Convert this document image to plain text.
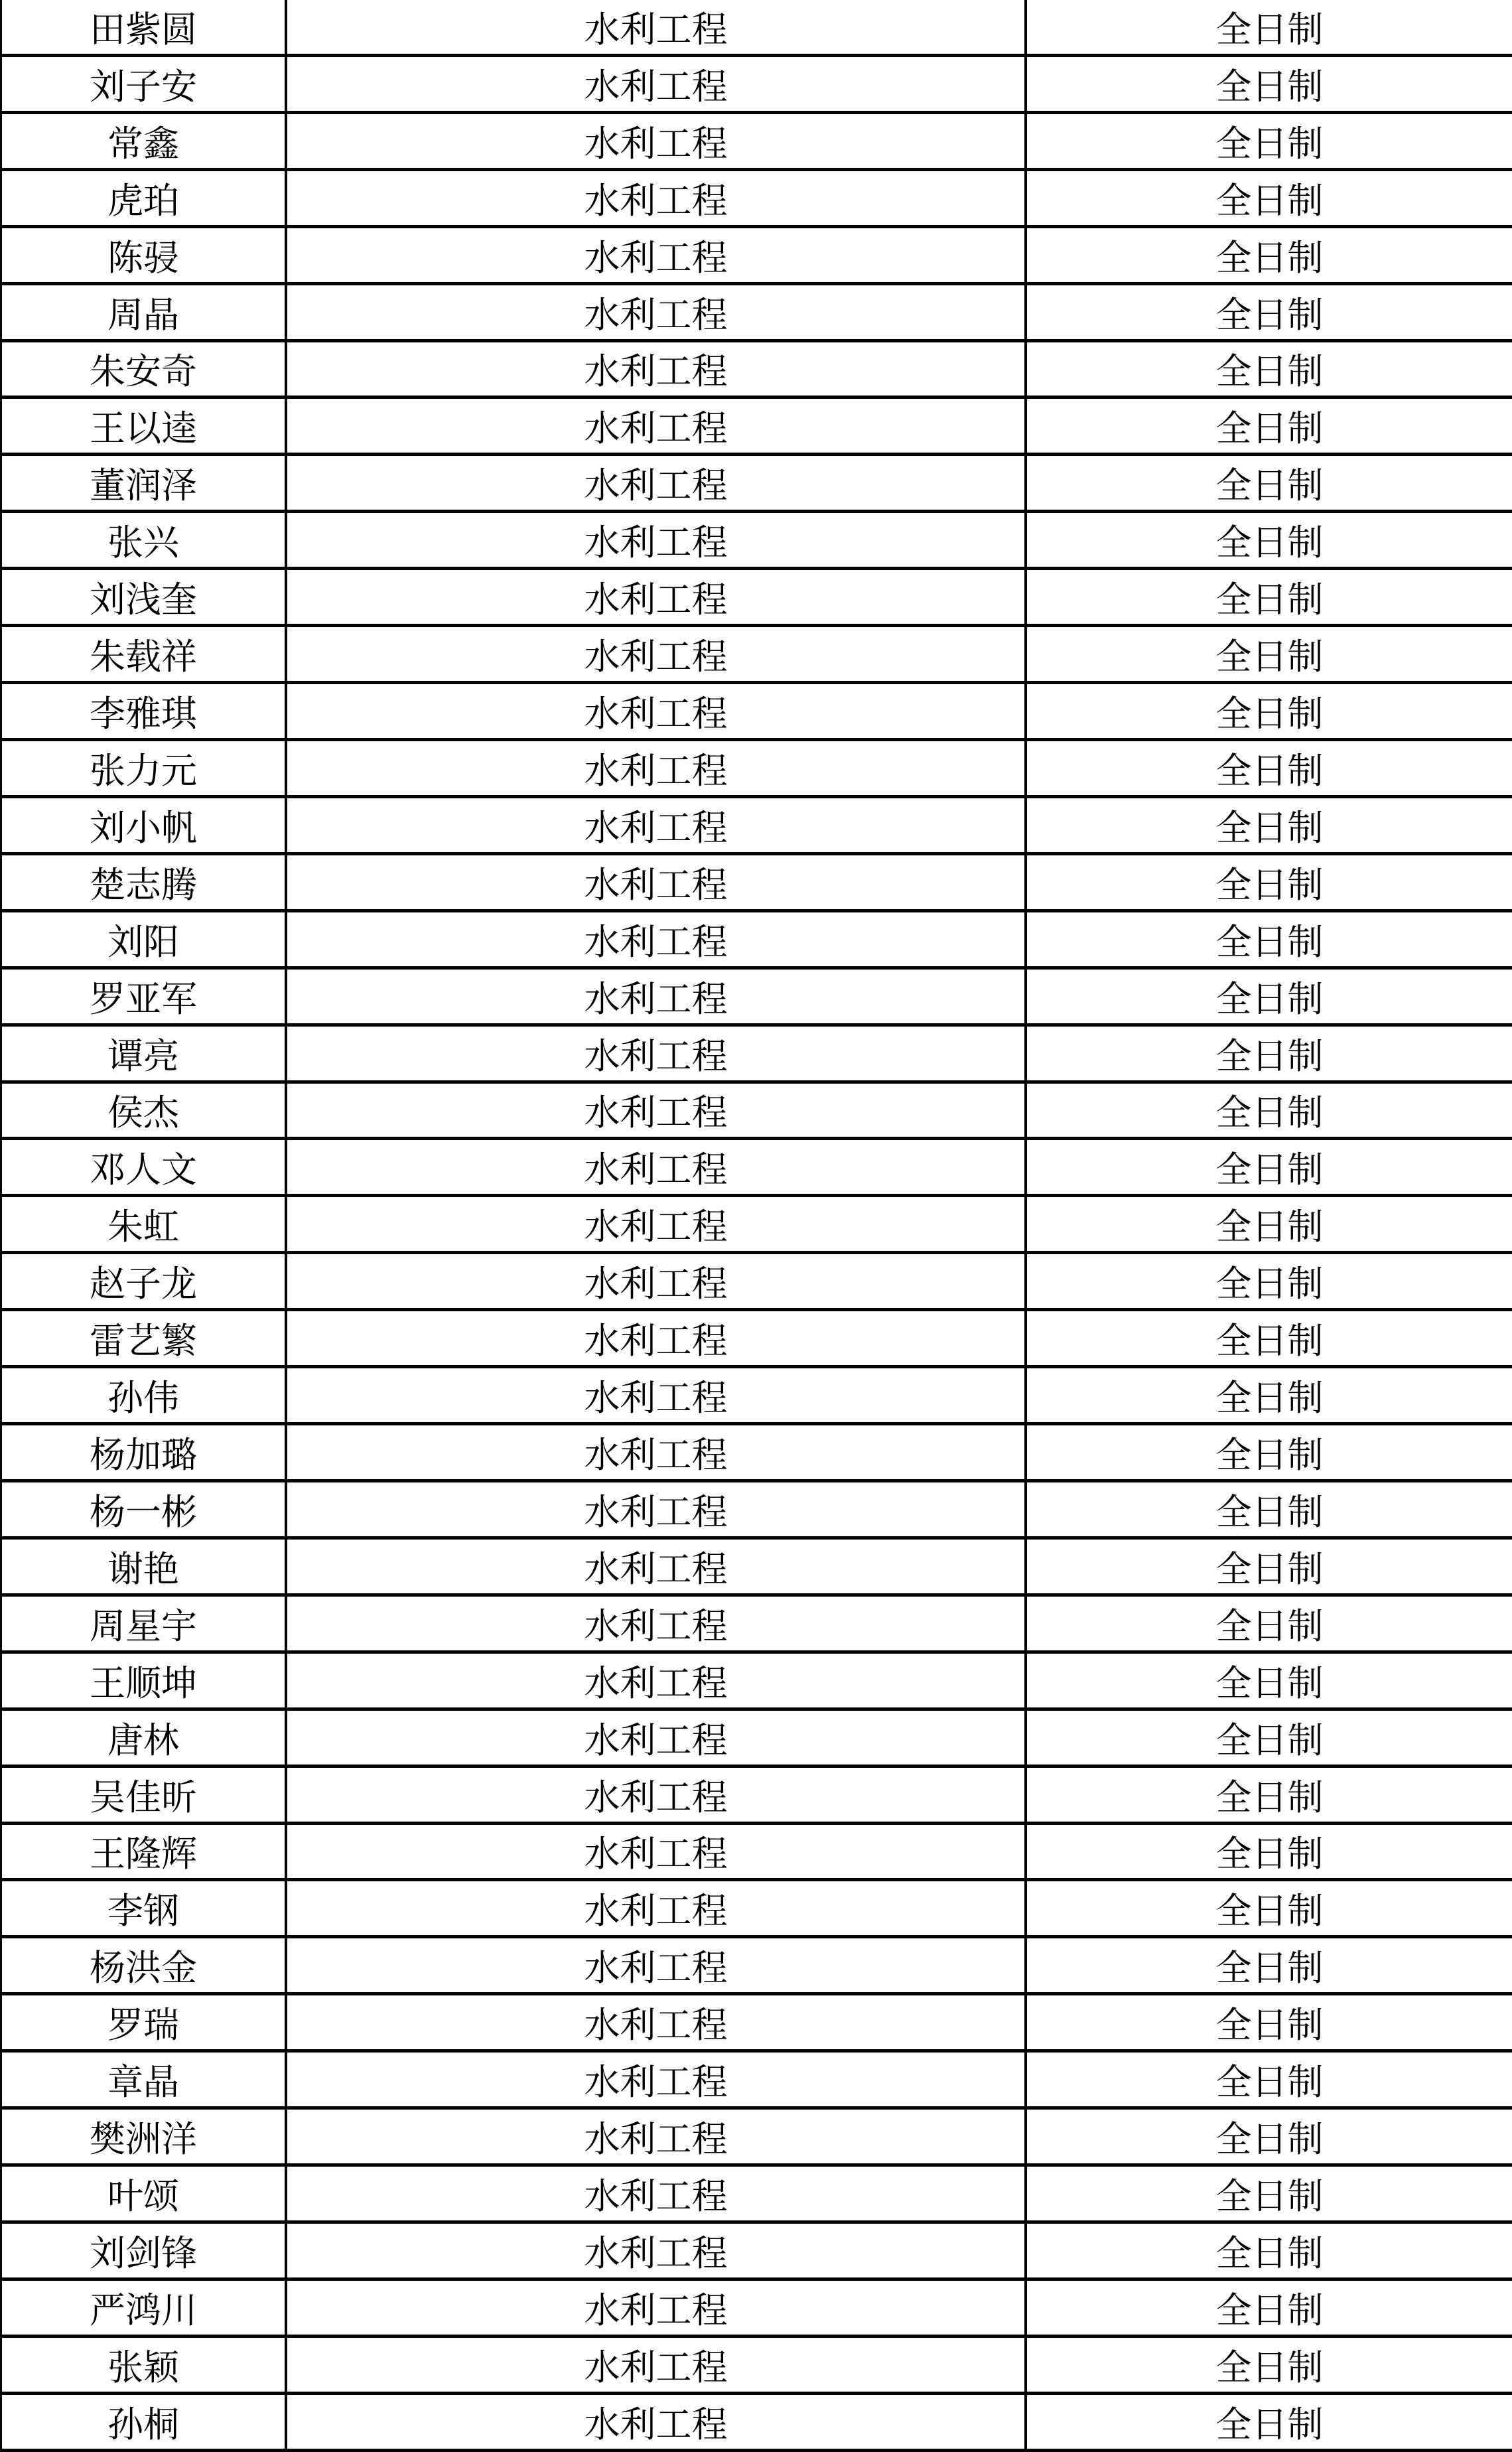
田紫圆	水利工程	全日制
刘子安	水利工程	全日制
常鑫	水利工程	全日制
虎珀	水利工程	全日制
陈骎	水利工程	全日制
周晶	水利工程	全日制
朱安奇	水利工程	全日制
王以逵	水利工程	全日制
董润泽	水利工程	全日制
张兴	水利工程	全日制
刘浅奎	水利工程	全日制
朱载祥	水利工程	全日制
李雅琪	水利工程	全日制
张力元	水利工程	全日制
刘小帆	水利工程	全日制
楚志腾	水利工程	全日制
刘阳	水利工程	全日制
罗亚军	水利工程	全日制
谭亮	水利工程	全日制
侯杰	水利工程	全日制
邓人文	水利工程	全日制
朱虹	水利工程	全日制
赵子龙	水利工程	全日制
雷艺繁	水利工程	全日制
孙伟	水利工程	全日制
杨加璐	水利工程	全日制
杨一彬	水利工程	全日制
谢艳	水利工程	全日制
周星宇	水利工程	全日制
王顺坤	水利工程	全日制
唐林	水利工程	全日制
吴佳昕	水利工程	全日制
王隆辉	水利工程	全日制
李钢	水利工程	全日制
杨洪金	水利工程	全日制
罗瑞	水利工程	全日制
章晶	水利工程	全日制
樊洲洋	水利工程	全日制
叶颂	水利工程	全日制
刘剑锋	水利工程	全日制
严鸿川	水利工程	全日制
张颖	水利工程	全日制
孙桐	水利工程	全日制
